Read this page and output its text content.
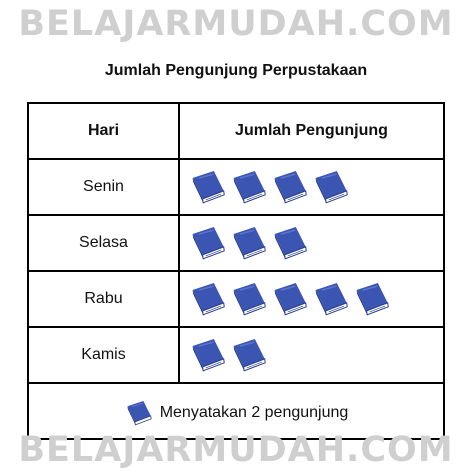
BELAJARMUDAH.COM
Jumlah Pengunjung Perpustakaan
Hari	Jumlah Pengunjung
Senin
Selasa
Rabu
Kamis
Menyatakan 2 pengunjung
BELAJARMUDAH.COM
